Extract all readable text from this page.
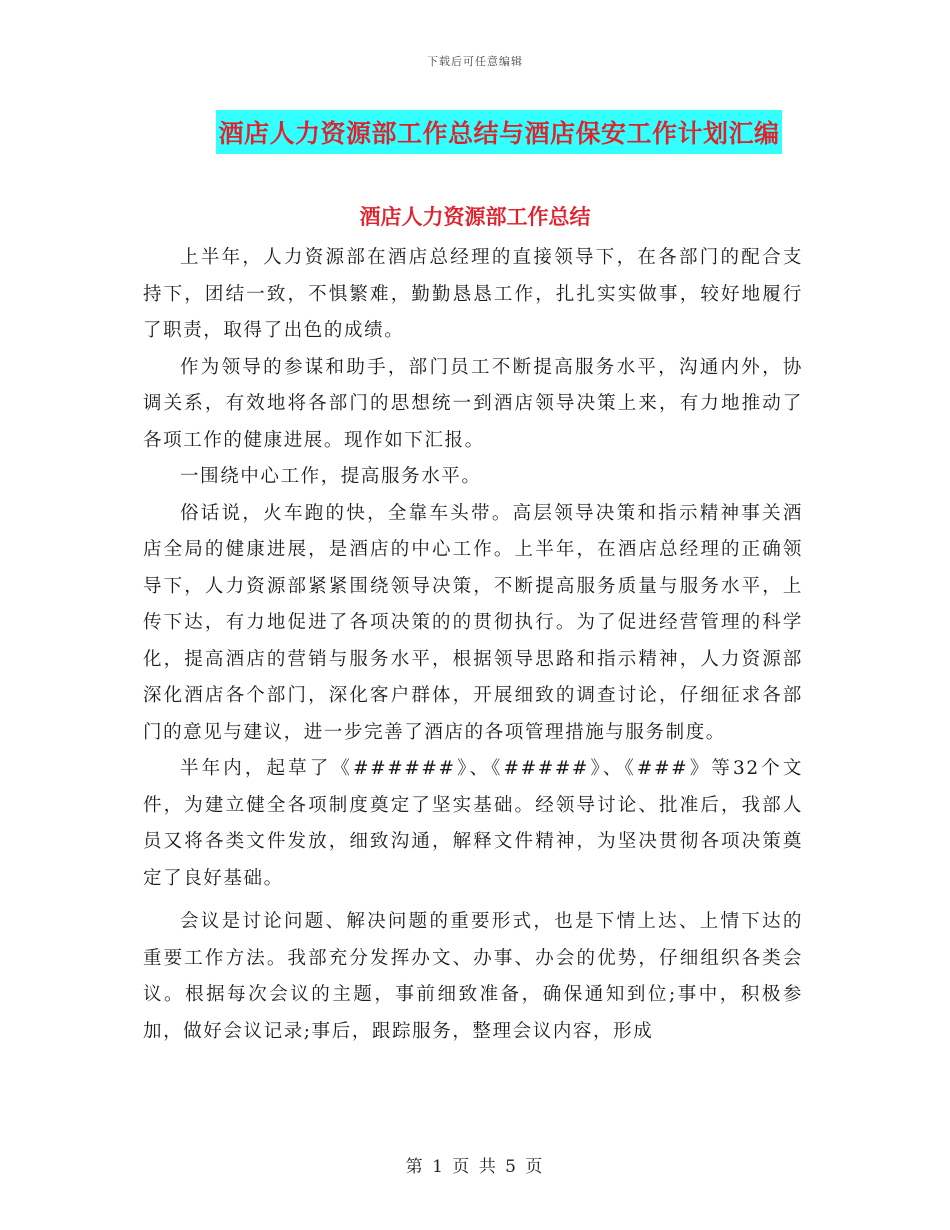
下载后可任意编辑
酒店人力资源部工作总结与酒店保安工作计划汇编
酒店人力资源部工作总结

上半年，人力资源部在酒店总经理的直接领导下，在各部门的配合支持下，团结一致，不惧繁难，勤勤恳恳工作，扎扎实实做事，较好地履行了职责，取得了出色的成绩。

作为领导的参谋和助手，部门员工不断提高服务水平，沟通内外，协调关系，有效地将各部门的思想统一到酒店领导决策上来，有力地推动了各项工作的健康进展。现作如下汇报。

一围绕中心工作，提高服务水平。

俗话说，火车跑的快，全靠车头带。高层领导决策和指示精神事关酒店全局的健康进展，是酒店的中心工作。上半年，在酒店总经理的正确领导下，人力资源部紧紧围绕领导决策，不断提高服务质量与服务水平，上传下达，有力地促进了各项决策的的贯彻执行。为了促进经营管理的科学化，提高酒店的营销与服务水平，根据领导思路和指示精神，人力资源部深化酒店各个部门，深化客户群体，开展细致的调查讨论，仔细征求各部门的意见与建议，进一步完善了酒店的各项管理措施与服务制度。

半年内，起草了《######》、《#####》、《###》等32个文件，为建立健全各项制度奠定了坚实基础。经领导讨论、批准后，我部人员又将各类文件发放，细致沟通，解释文件精神，为坚决贯彻各项决策奠定了良好基础。

会议是讨论问题、解决问题的重要形式，也是下情上达、上情下达的重要工作方法。我部充分发挥办文、办事、办会的优势，仔细组织各类会议。根据每次会议的主题，事前细致准备，确保通知到位;事中，积极参加，做好会议记录;事后，跟踪服务，整理会议内容，形成

第 1 页 共 5 页
